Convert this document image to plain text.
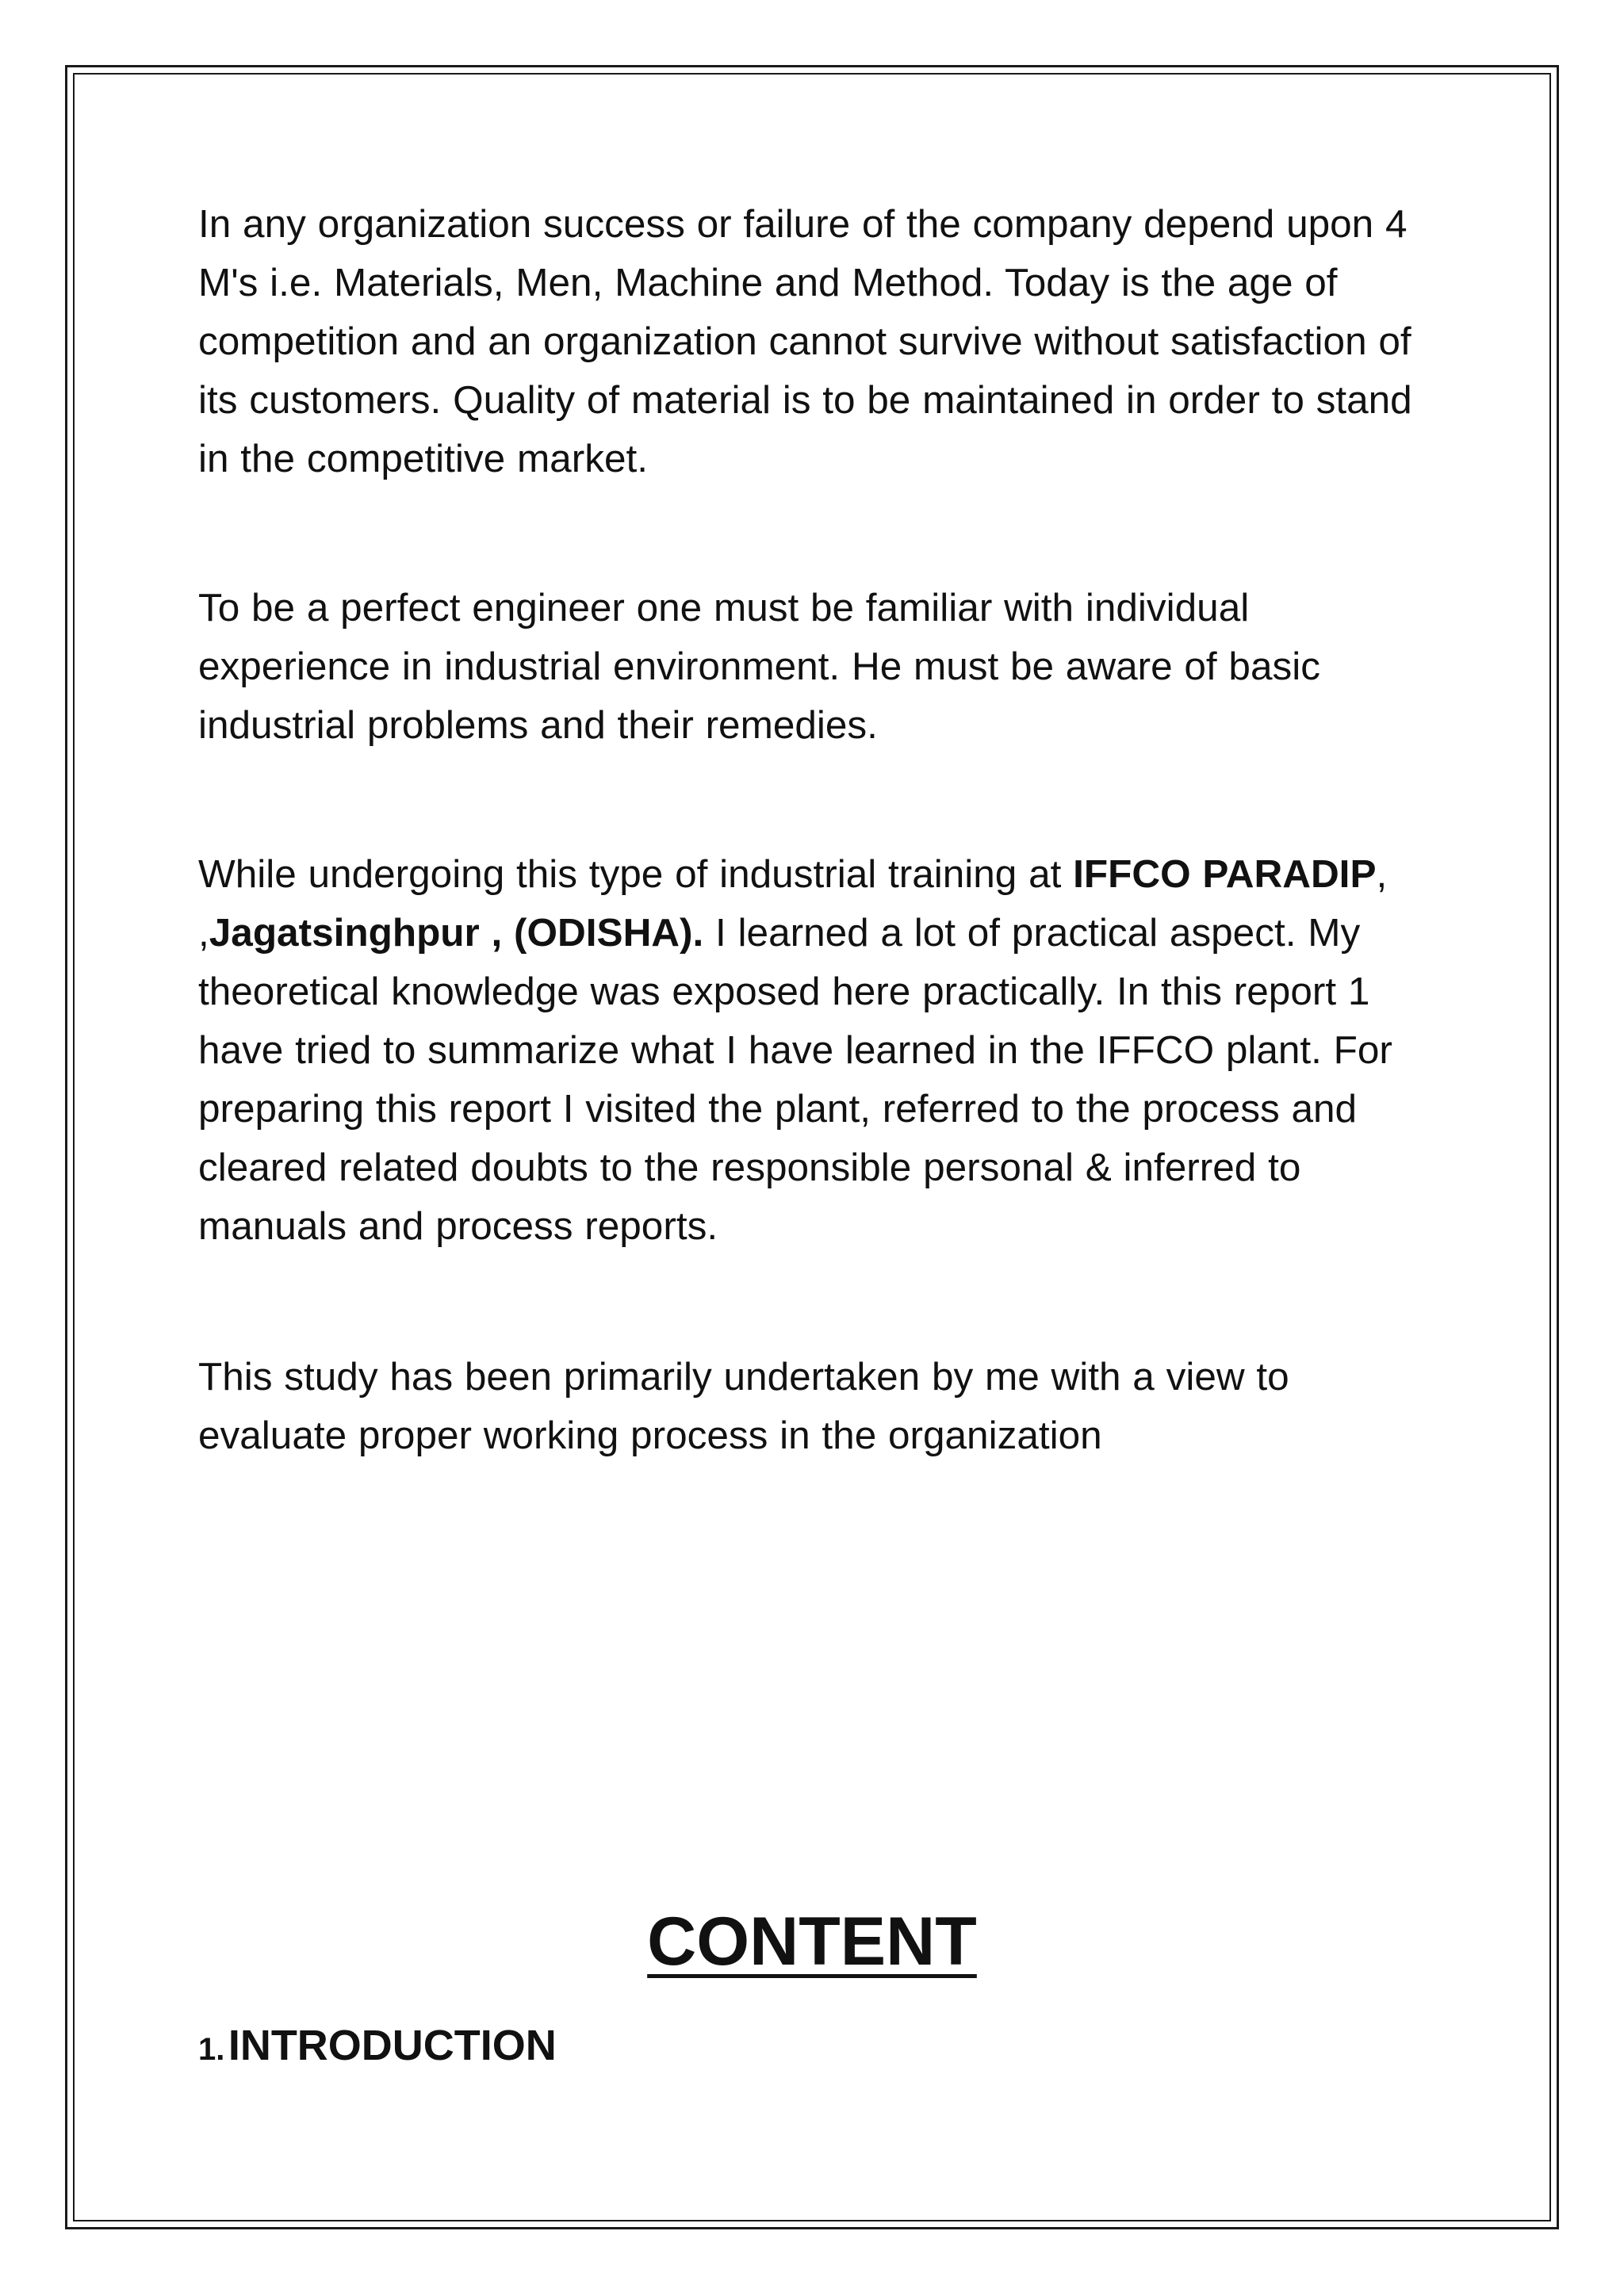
In any organization success or failure of the company depend upon 4 M's i.e. Materials, Men, Machine and Method. Today is the age of competition and an organization cannot survive without satisfaction of its customers. Quality of material is to be maintained in order to stand in the competitive market.

To be a perfect engineer one must be familiar with individual experience in industrial environment. He must be aware of basic industrial problems and their remedies.

While undergoing this type of industrial training at IFFCO PARADIP, ,Jagatsinghpur , (ODISHA). I learned a lot of practical aspect. My theoretical knowledge was exposed here practically. In this report 1 have tried to summarize what I have learned in the IFFCO plant. For preparing this report I visited the plant, referred to the process and cleared related doubts to the responsible personal & inferred to manuals and process reports.

This study has been primarily undertaken by me with a view to evaluate proper working process in the organization

CONTENT

1. INTRODUCTION
